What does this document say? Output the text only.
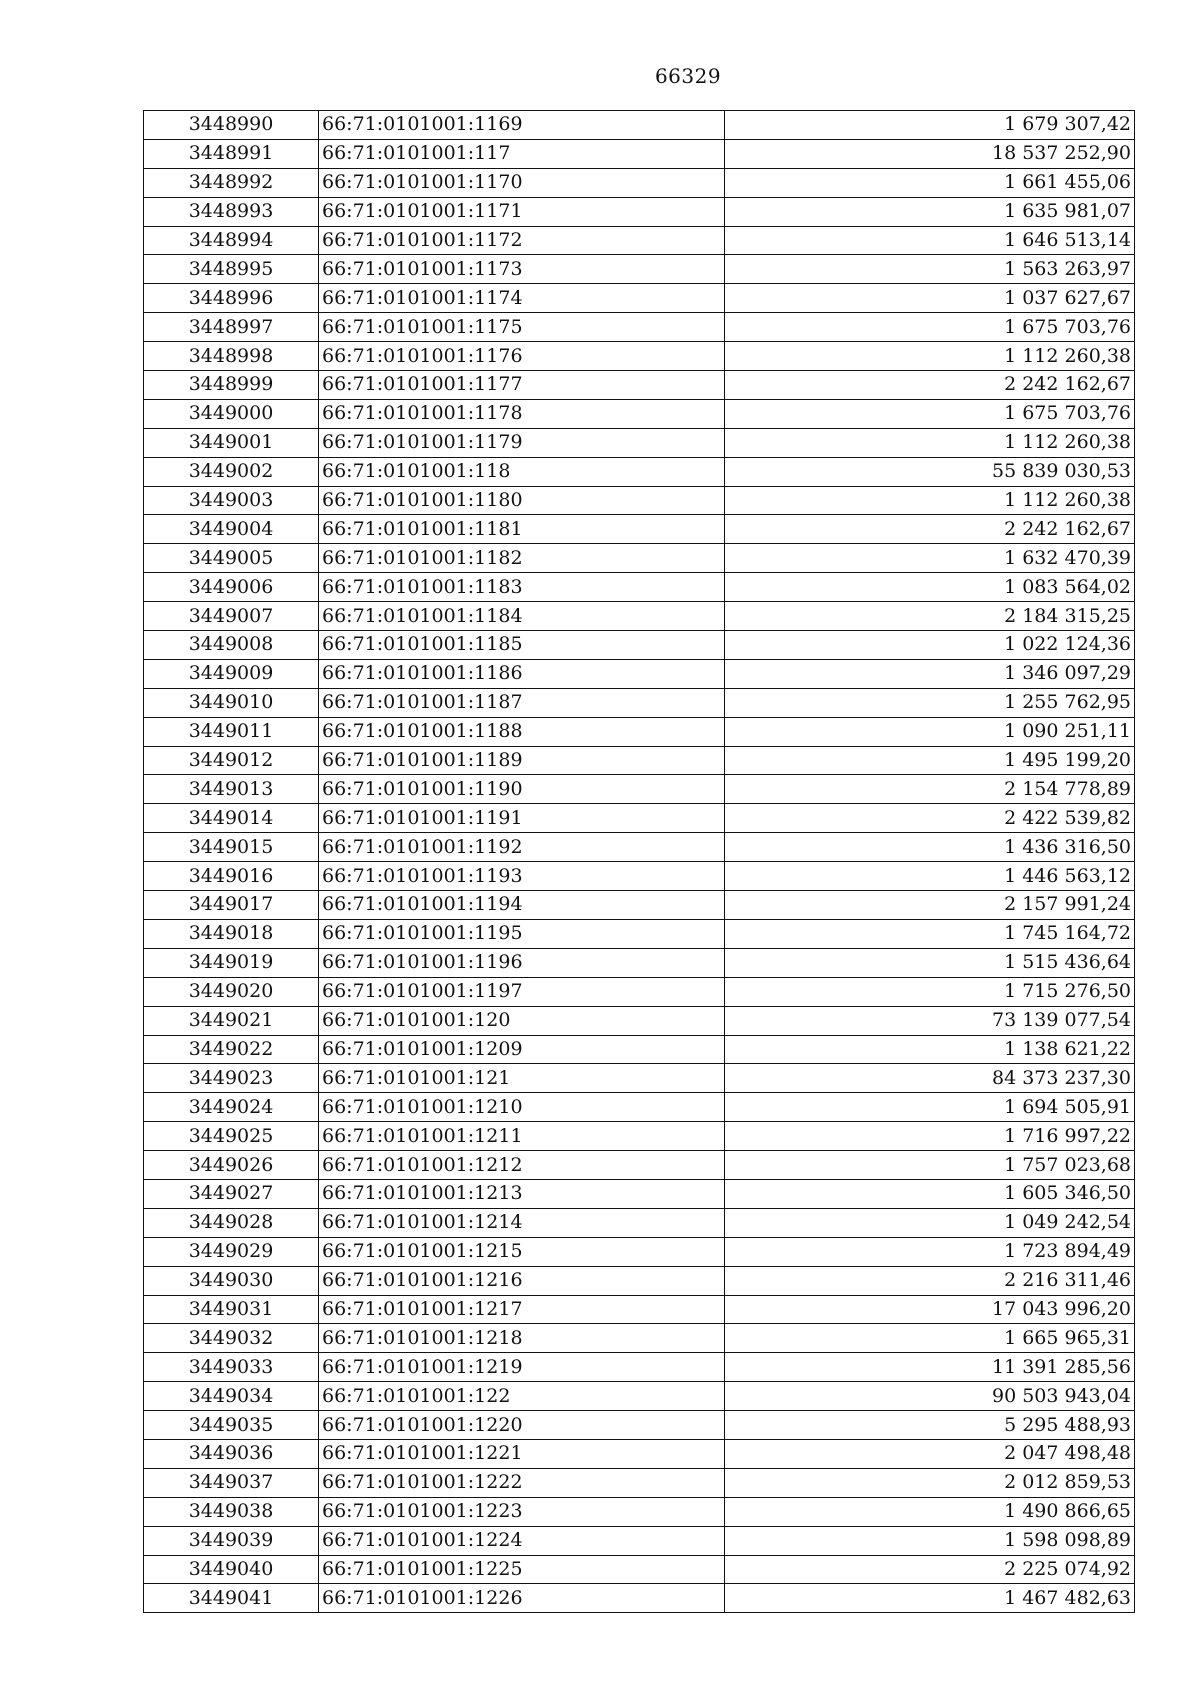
66329
3448990	66:71:0101001:1169	1 679 307,42
3448991	66:71:0101001:117	18 537 252,90
3448992	66:71:0101001:1170	1 661 455,06
3448993	66:71:0101001:1171	1 635 981,07
3448994	66:71:0101001:1172	1 646 513,14
3448995	66:71:0101001:1173	1 563 263,97
3448996	66:71:0101001:1174	1 037 627,67
3448997	66:71:0101001:1175	1 675 703,76
3448998	66:71:0101001:1176	1 112 260,38
3448999	66:71:0101001:1177	2 242 162,67
3449000	66:71:0101001:1178	1 675 703,76
3449001	66:71:0101001:1179	1 112 260,38
3449002	66:71:0101001:118	55 839 030,53
3449003	66:71:0101001:1180	1 112 260,38
3449004	66:71:0101001:1181	2 242 162,67
3449005	66:71:0101001:1182	1 632 470,39
3449006	66:71:0101001:1183	1 083 564,02
3449007	66:71:0101001:1184	2 184 315,25
3449008	66:71:0101001:1185	1 022 124,36
3449009	66:71:0101001:1186	1 346 097,29
3449010	66:71:0101001:1187	1 255 762,95
3449011	66:71:0101001:1188	1 090 251,11
3449012	66:71:0101001:1189	1 495 199,20
3449013	66:71:0101001:1190	2 154 778,89
3449014	66:71:0101001:1191	2 422 539,82
3449015	66:71:0101001:1192	1 436 316,50
3449016	66:71:0101001:1193	1 446 563,12
3449017	66:71:0101001:1194	2 157 991,24
3449018	66:71:0101001:1195	1 745 164,72
3449019	66:71:0101001:1196	1 515 436,64
3449020	66:71:0101001:1197	1 715 276,50
3449021	66:71:0101001:120	73 139 077,54
3449022	66:71:0101001:1209	1 138 621,22
3449023	66:71:0101001:121	84 373 237,30
3449024	66:71:0101001:1210	1 694 505,91
3449025	66:71:0101001:1211	1 716 997,22
3449026	66:71:0101001:1212	1 757 023,68
3449027	66:71:0101001:1213	1 605 346,50
3449028	66:71:0101001:1214	1 049 242,54
3449029	66:71:0101001:1215	1 723 894,49
3449030	66:71:0101001:1216	2 216 311,46
3449031	66:71:0101001:1217	17 043 996,20
3449032	66:71:0101001:1218	1 665 965,31
3449033	66:71:0101001:1219	11 391 285,56
3449034	66:71:0101001:122	90 503 943,04
3449035	66:71:0101001:1220	5 295 488,93
3449036	66:71:0101001:1221	2 047 498,48
3449037	66:71:0101001:1222	2 012 859,53
3449038	66:71:0101001:1223	1 490 866,65
3449039	66:71:0101001:1224	1 598 098,89
3449040	66:71:0101001:1225	2 225 074,92
3449041	66:71:0101001:1226	1 467 482,63
